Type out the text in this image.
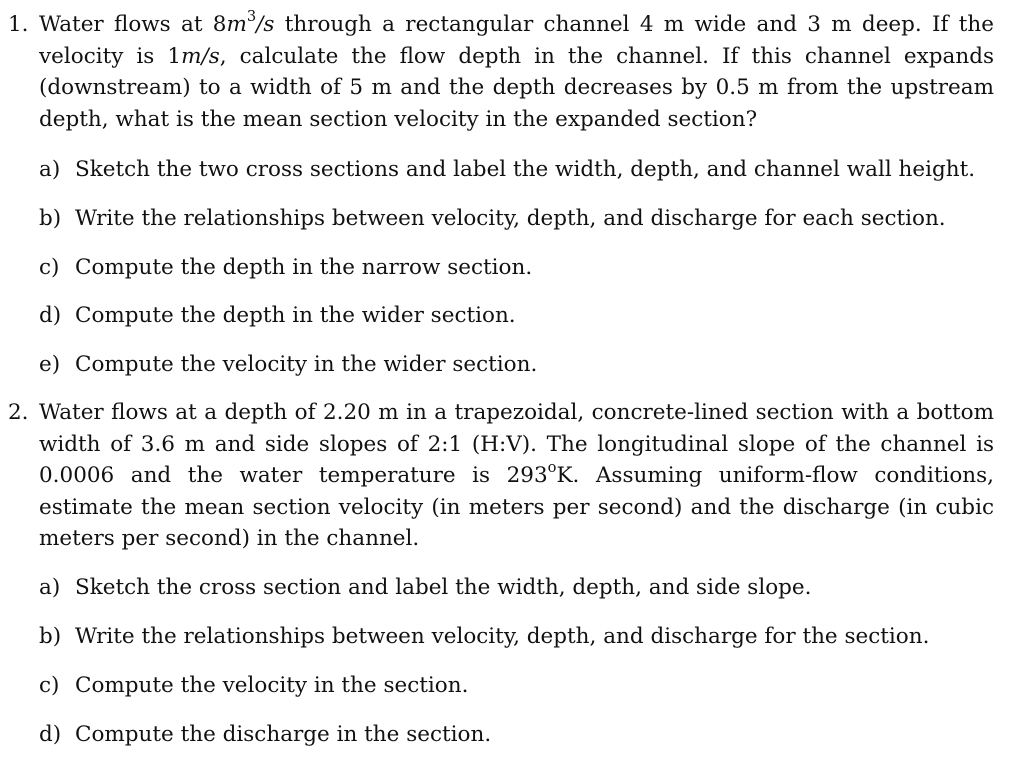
1. Water flows at $8m^3/s$ through a rectangular channel 4 m wide and 3 m deep. If the velocity is 1m/s, calculate the flow depth in the channel. If this channel expands (downstream) to a width of 5 m and the depth decreases by 0.5 m from the upstream depth, what is the mean section velocity in the expanded section?
a) Sketch the two cross sections and label the width, depth, and channel wall height.
b) Write the relationships between velocity, depth, and discharge for each section.
c) Compute the depth in the narrow section.
d) Compute the depth in the wider section.
e) Compute the velocity in the wider section.
2. Water flows at a depth of 2.20 m in a trapezoidal, concrete-lined section with a bottom width of 3.6 m and side slopes of 2:1 (H:V). The longitudinal slope of the channel is 0.0006 and the water temperature is 293$^o$K. Assuming uniform-flow conditions, estimate the mean section velocity (in meters per second) and the discharge (in cubic meters per second) in the channel.
a) Sketch the cross section and label the width, depth, and side slope.
b) Write the relationships between velocity, depth, and discharge for the section.
c) Compute the velocity in the section.
d) Compute the discharge in the section.
